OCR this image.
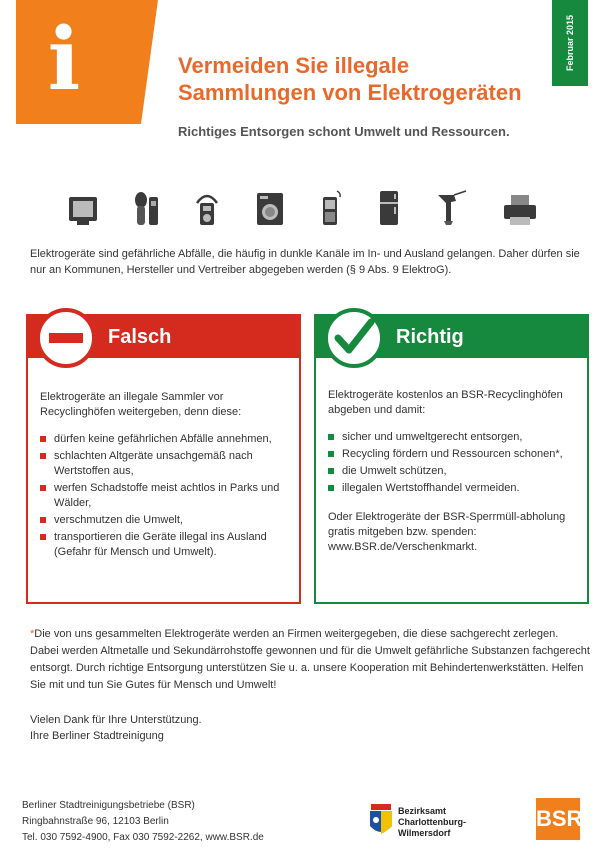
i	Februar 2015
Vermeiden Sie illegale
Sammlungen von Elektrogeräten
Richtiges Entsorgen schont Umwelt und Ressourcen.

Elektrogeräte sind gefährliche Abfälle, die häufig in dunkle Kanäle im In- und Ausland gelangen. Daher dürfen sie nur an Kommunen, Hersteller und Vertreiber abgegeben werden (§ 9 Abs. 9 ElektroG).

Falsch

Elektrogeräte an illegale Sammler vor Recyclinghöfen weitergeben, denn diese:

dürfen keine gefährlichen Abfälle annehmen,
schlachten Altgeräte unsachgemäß nach Wertstoffen aus,
werfen Schadstoffe meist achtlos in Parks und Wälder,
verschmutzen die Umwelt,
transportieren die Geräte illegal ins Ausland (Gefahr für Mensch und Umwelt).
Richtig

Elektrogeräte kostenlos an BSR-Recyclinghöfen abgeben und damit:

sicher und umweltgerecht entsorgen,
Recycling fördern und Ressourcen schonen*,
die Umwelt schützen,
illegalen Wertstoffhandel vermeiden.

Oder Elektrogeräte der BSR-Sperrmüll-abholung gratis mitgeben bzw. spenden: www.BSR.de/Verschenkmarkt.

*Die von uns gesammelten Elektrogeräte werden an Firmen weitergegeben, die diese sachgerecht zerlegen. Dabei werden Altmetalle und Sekundärrohstoffe gewonnen und für die Umwelt gefährliche Substanzen fachgerecht entsorgt. Durch richtige Entsorgung unterstützen Sie u. a. unsere Kooperation mit Behindertenwerkstätten. Helfen Sie mit und tun Sie Gutes für Mensch und Umwelt!

Vielen Dank für Ihre Unterstützung.
Ihre Berliner Stadtreinigung
Berliner Stadtreinigungsbetriebe (BSR)
Ringbahnstraße 96, 12103 Berlin
Tel. 030 7592-4900, Fax 030 7592-2262, www.BSR.de
Bezirksamt
Charlottenburg-
Wilmersdorf
BSR
